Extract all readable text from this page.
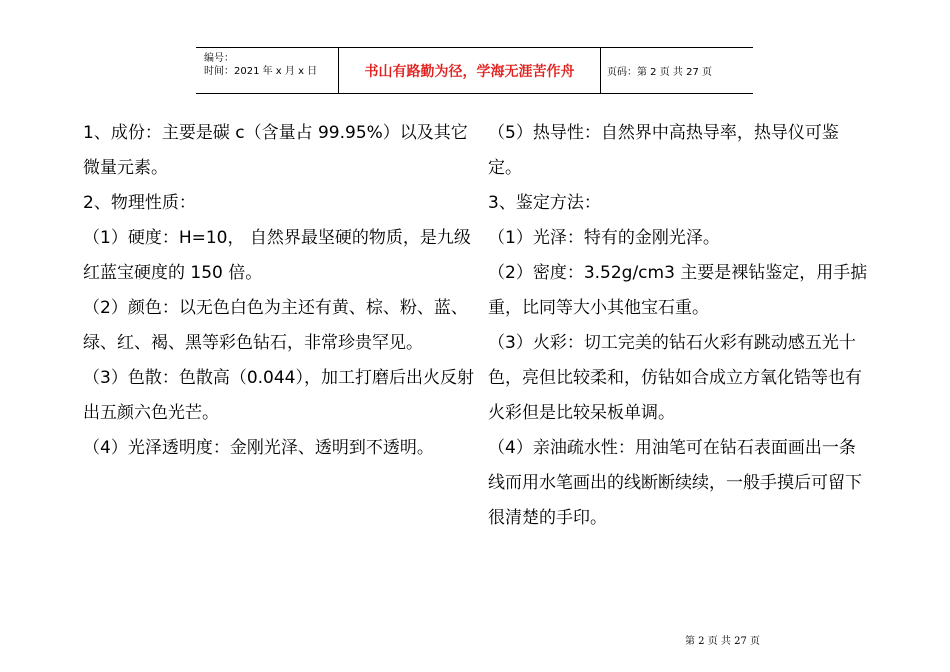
编号：
时间：2021 年 x 月 x 日	书山有路勤为径，学海无涯苦作舟	页码：第 2 页 共 27 页

1、成份：主要是碳 c（含量占 99.95%）以及其它微量元素。

2、物理性质：

（1）硬度：H=10， 自然界最坚硬的物质，是九级红蓝宝硬度的 150 倍。

（2）颜色：以无色白色为主还有黄、棕、粉、蓝、绿、红、褐、黑等彩色钻石，非常珍贵罕见。

（3）色散：色散高（0.044），加工打磨后出火反射出五颜六色光芒。

（4）光泽透明度：金刚光泽、透明到不透明。

（5）热导性：自然界中高热导率，热导仪可鉴定。

3、鉴定方法：

（1）光泽：特有的金刚光泽。

（2）密度：3.52g/cm3 主要是裸钻鉴定，用手掂重，比同等大小其他宝石重。

（3）火彩：切工完美的钻石火彩有跳动感五光十色，亮但比较柔和，仿钻如合成立方氧化锆等也有火彩但是比较呆板单调。

（4）亲油疏水性：用油笔可在钻石表面画出一条线而用水笔画出的线断断续续，一般手摸后可留下很清楚的手印。

第 2 页 共 27 页
